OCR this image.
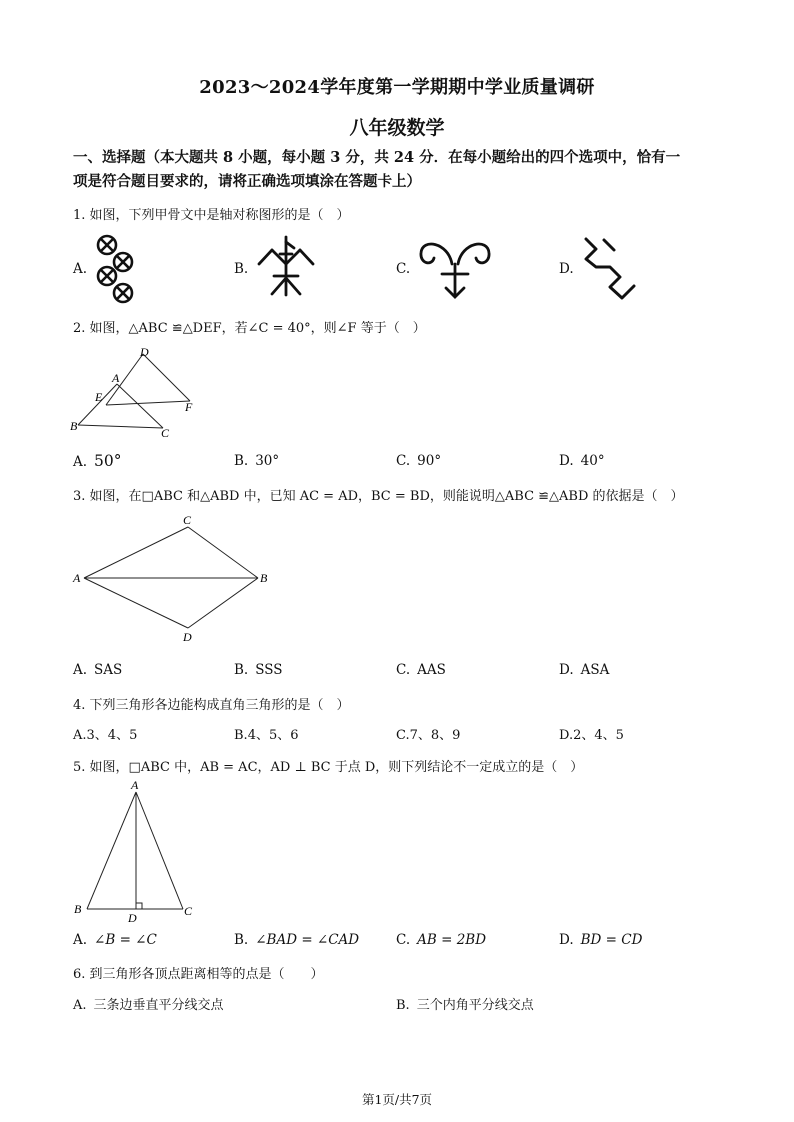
2023～2024学年度第一学期期中学业质量调研
八年级数学
一、选择题（本大题共 8 小题，每小题 3 分，共 24 分．在每小题给出的四个选项中，恰有一
项是符合题目要求的，请将正确选项填涂在答题卡上）
1. 如图，下列甲骨文中是轴对称图形的是（　）
A.	B.	C.	D.
2. 如图，△ABC ≌△DEF，若∠C = 40°，则∠F 等于（　）
D
A
E
F
B	C
A. 50°	B. 30°	C. 90°	D. 40°
3. 如图，在□ABC 和△ABD 中，已知 AC = AD，BC = BD，则能说明△ABC ≌△ABD 的依据是（　）
A	B
C
D
A. SAS	B. SSS	C. AAS	D. ASA
4. 下列三角形各边能构成直角三角形的是（　）
A.3、4、5	B.4、5、6	C.7、8、9	D.2、4、5
5. 如图，□ABC 中，AB = AC，AD ⊥ BC 于点 D，则下列结论不一定成立的是（　）
A
B	C
D
A. ∠B = ∠C	B. ∠BAD = ∠CAD	C. AB = 2BD	D. BD = CD
6. 到三角形各顶点距离相等的点是（　　）
A. 三条边垂直平分线交点	B. 三个内角平分线交点
第1页/共7页
